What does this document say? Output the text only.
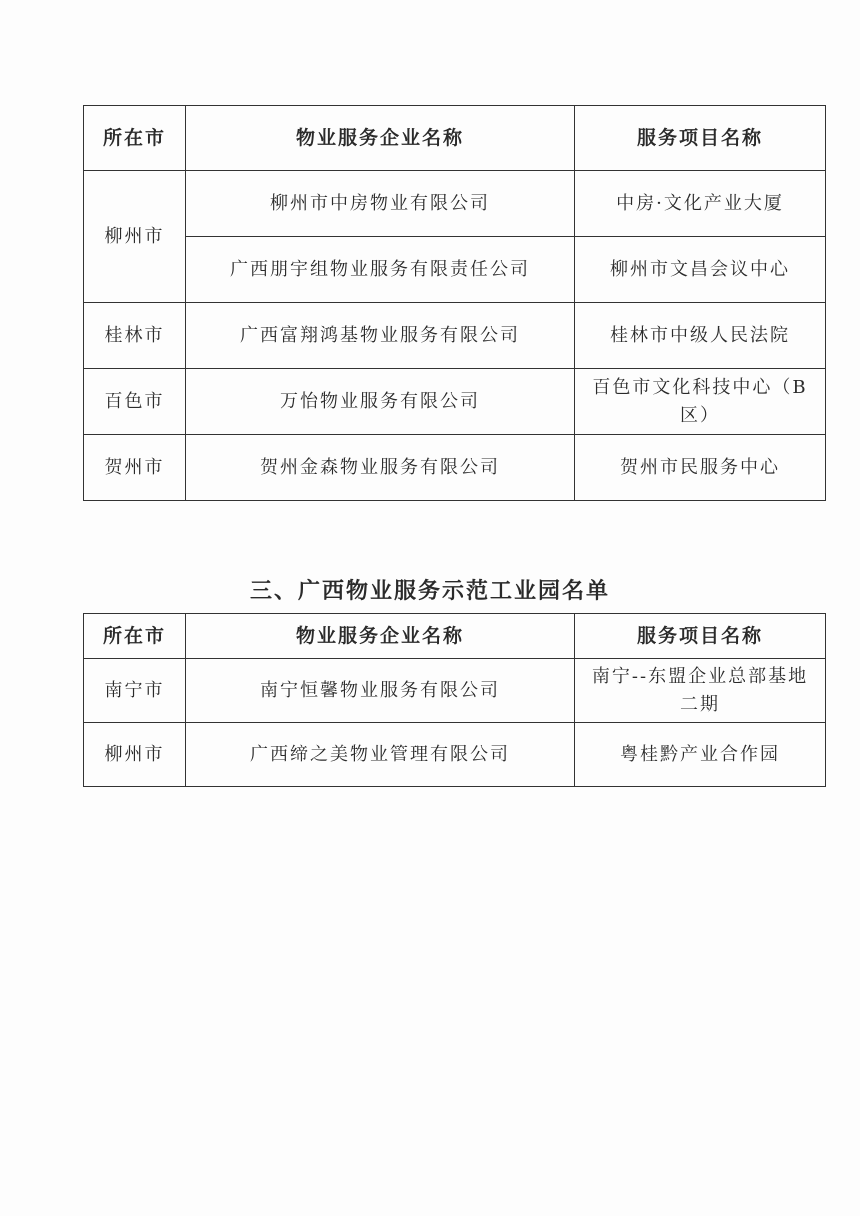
所在市	物业服务企业名称	服务项目名称
柳州市	柳州市中房物业有限公司	中房·文化产业大厦
	广西朋宇组物业服务有限责任公司	柳州市文昌会议中心
桂林市	广西富翔鸿基物业服务有限公司	桂林市中级人民法院
百色市	万怡物业服务有限公司	百色市文化科技中心（B区）
贺州市	贺州金森物业服务有限公司	贺州市民服务中心
三、广西物业服务示范工业园名单
所在市	物业服务企业名称	服务项目名称
南宁市	南宁恒馨物业服务有限公司	南宁--东盟企业总部基地二期
柳州市	广西缔之美物业管理有限公司	粤桂黔产业合作园
